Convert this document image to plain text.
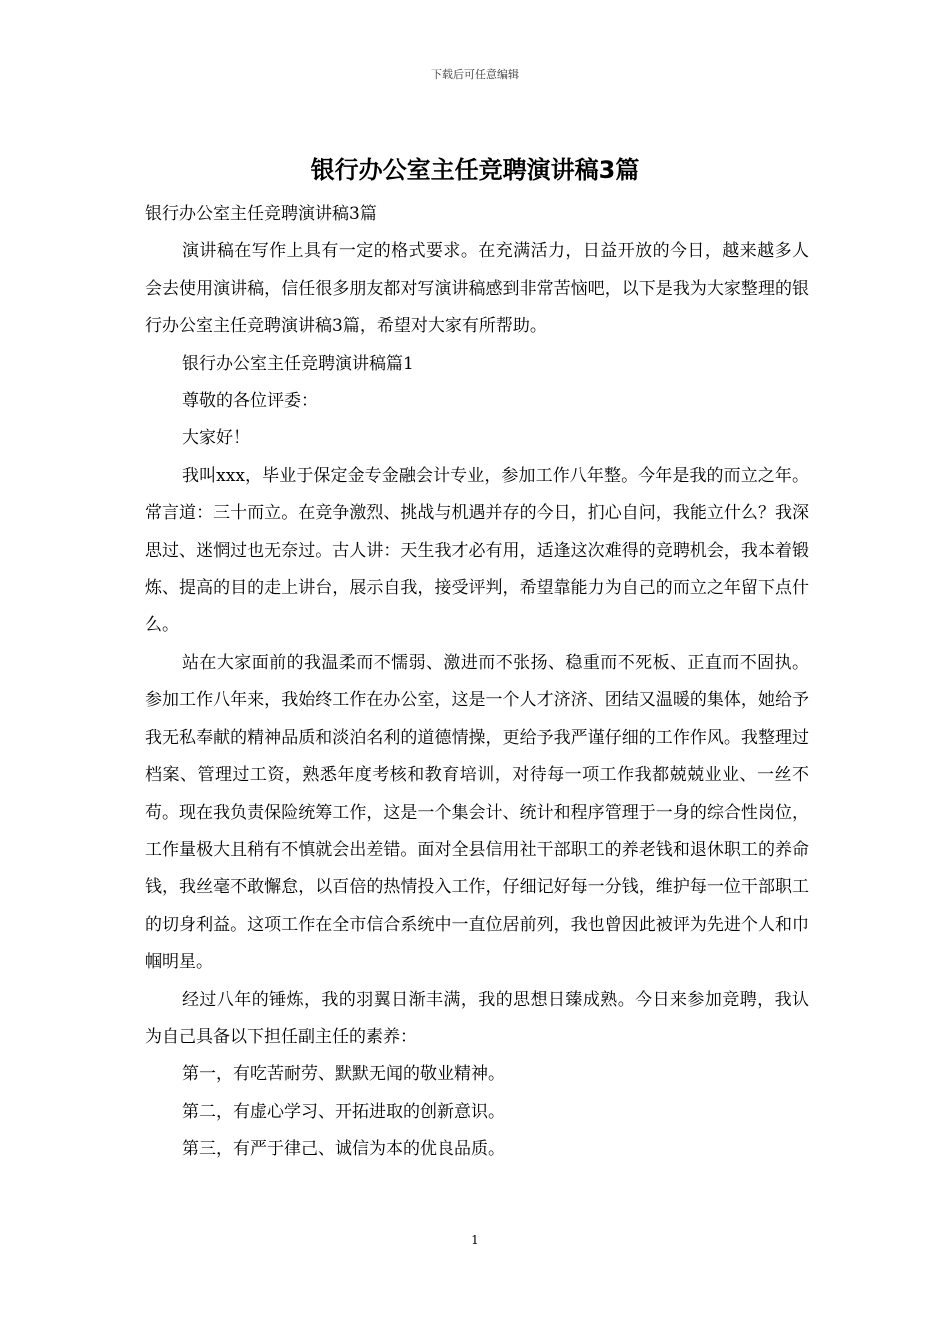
下载后可任意编辑
银行办公室主任竞聘演讲稿3篇

银行办公室主任竞聘演讲稿3篇

演讲稿在写作上具有一定的格式要求。在充满活力，日益开放的今日，越来越多人会去使用演讲稿，信任很多朋友都对写演讲稿感到非常苦恼吧，以下是我为大家整理的银行办公室主任竞聘演讲稿3篇，希望对大家有所帮助。

银行办公室主任竞聘演讲稿篇1

尊敬的各位评委：

大家好！

我叫xxx，毕业于保定金专金融会计专业，参加工作八年整。今年是我的而立之年。常言道：三十而立。在竞争激烈、挑战与机遇并存的今日，扪心自问，我能立什么？我深思过、迷惘过也无奈过。古人讲：天生我才必有用，适逢这次难得的竞聘机会，我本着锻炼、提高的目的走上讲台，展示自我，接受评判，希望靠能力为自己的而立之年留下点什么。

站在大家面前的我温柔而不懦弱、激进而不张扬、稳重而不死板、正直而不固执。参加工作八年来，我始终工作在办公室，这是一个人才济济、团结又温暖的集体，她给予我无私奉献的精神品质和淡泊名利的道德情操，更给予我严谨仔细的工作作风。我整理过档案、管理过工资，熟悉年度考核和教育培训，对待每一项工作我都兢兢业业、一丝不苟。现在我负责保险统筹工作，这是一个集会计、统计和程序管理于一身的综合性岗位，工作量极大且稍有不慎就会出差错。面对全县信用社干部职工的养老钱和退休职工的养命钱，我丝毫不敢懈怠，以百倍的热情投入工作，仔细记好每一分钱，维护每一位干部职工的切身利益。这项工作在全市信合系统中一直位居前列，我也曾因此被评为先进个人和巾帼明星。

经过八年的锤炼，我的羽翼日渐丰满，我的思想日臻成熟。今日来参加竞聘，我认为自己具备以下担任副主任的素养：

第一，有吃苦耐劳、默默无闻的敬业精神。

第二，有虚心学习、开拓进取的创新意识。

第三，有严于律己、诚信为本的优良品质。

1
